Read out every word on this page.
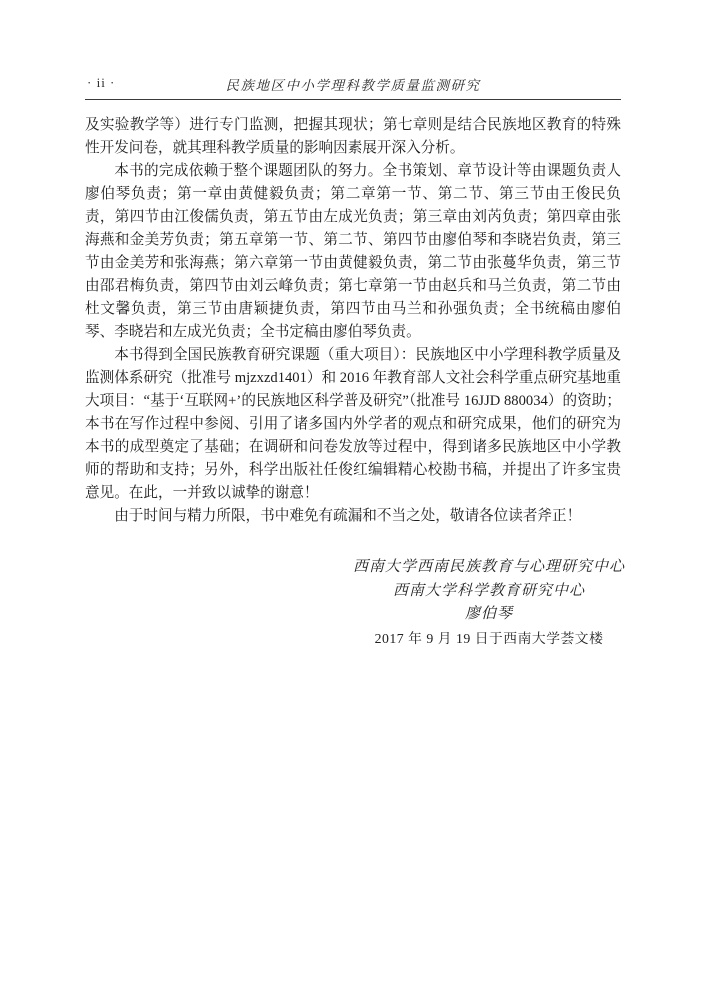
· ii ·	民族地区中小学理科教学质量监测研究

及实验教学等）进行专门监测，把握其现状；第七章则是结合民族地区教育的特殊性开发问卷，就其理科教学质量的影响因素展开深入分析。

本书的完成依赖于整个课题团队的努力。全书策划、章节设计等由课题负责人廖伯琴负责；第一章由黄健毅负责；第二章第一节、第二节、第三节由王俊民负责，第四节由江俊儒负责，第五节由左成光负责；第三章由刘芮负责；第四章由张海燕和金美芳负责；第五章第一节、第二节、第四节由廖伯琴和李晓岩负责，第三节由金美芳和张海燕；第六章第一节由黄健毅负责，第二节由张蔓华负责，第三节由邵君梅负责，第四节由刘云峰负责；第七章第一节由赵兵和马兰负责，第二节由杜文馨负责，第三节由唐颖捷负责，第四节由马兰和孙强负责；全书统稿由廖伯琴、李晓岩和左成光负责；全书定稿由廖伯琴负责。

本书得到全国民族教育研究课题（重大项目）：民族地区中小学理科教学质量及监测体系研究（批准号 mjzxzd1401）和 2016 年教育部人文社会科学重点研究基地重大项目：“基于‘互联网+’的民族地区科学普及研究”（批准号 16JJD 880034）的资助；本书在写作过程中参阅、引用了诸多国内外学者的观点和研究成果，他们的研究为本书的成型奠定了基础；在调研和问卷发放等过程中，得到诸多民族地区中小学教师的帮助和支持；另外，科学出版社任俊红编辑精心校勘书稿，并提出了许多宝贵意见。在此，一并致以诚挚的谢意！

由于时间与精力所限，书中难免有疏漏和不当之处，敬请各位读者斧正！

西南大学西南民族教育与心理研究中心

西南大学科学教育研究中心

廖伯琴

2017 年 9 月 19 日于西南大学荟文楼
